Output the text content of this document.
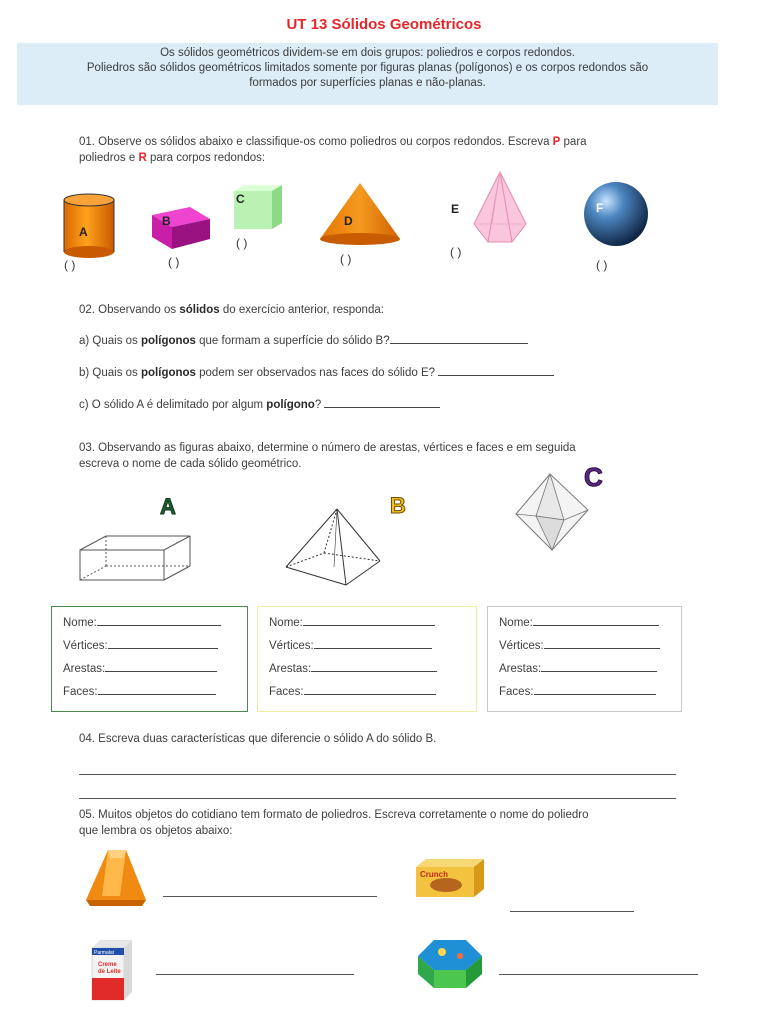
UT 13 Sólidos Geométricos
Os sólidos geométricos dividem-se em dois grupos: poliedros e corpos redondos.
Poliedros são sólidos geométricos limitados somente por figuras planas (polígonos) e os corpos redondos são
formados por superfícies planas e não-planas.
01. Observe os sólidos abaixo e classifique-os como poliedros ou corpos redondos. Escreva P para
poliedros e R para corpos redondos:
A
( )
B
( )
C
( )
D
( )
E
( )
F
( )
02. Observando os sólidos do exercício anterior, responda:
a) Quais os polígonos que formam a superfície do sólido B?
b) Quais os polígonos podem ser observados nas faces do sólido E?
c) O sólido A é delimitado por algum polígono?
03. Observando as figuras abaixo, determine o número de arestas, vértices e faces e em seguida
escreva o nome de cada sólido geométrico.
A	B
C
Nome:
Vértices:
Arestas:
Faces:
Nome:
Vértices:
Arestas:
Faces:
Nome:
Vértices:
Arestas:
Faces:
04. Escreva duas características que diferencie o sólido A do sólido B.
05. Muitos objetos do cotidiano tem formato de poliedros. Escreva corretamente o nome do poliedro
que lembra os objetos abaixo:
Crunch
Parmalat
Creme
de Leite
